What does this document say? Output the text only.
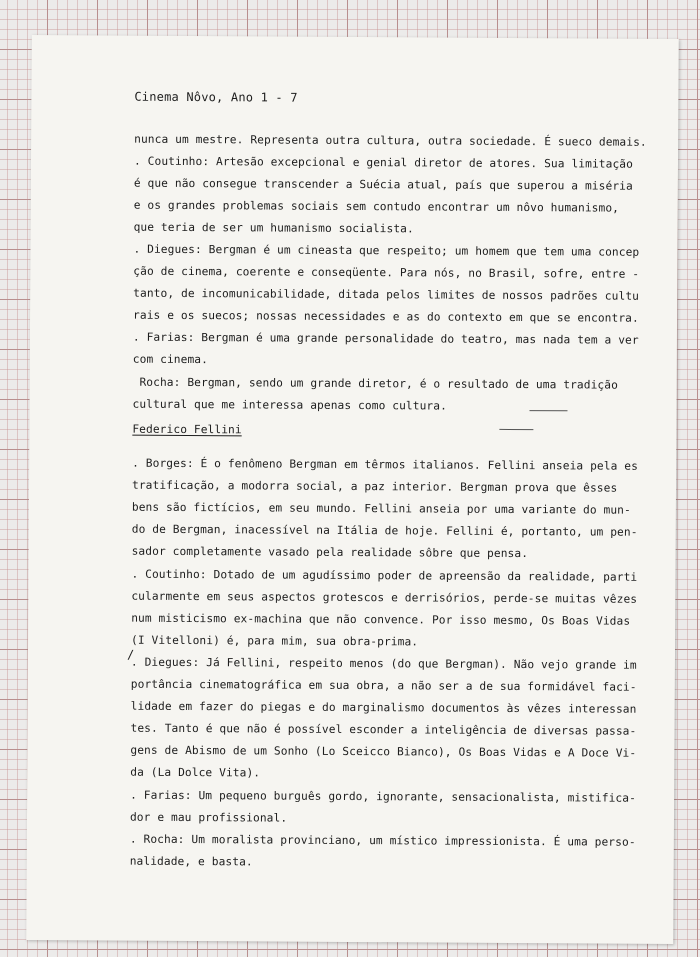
Cinema Nôvo, Ano 1 - 7
nunca um mestre. Representa outra cultura, outra sociedade. É sueco demais.
. Coutinho: Artesão excepcional e genial diretor de atores. Sua limitação
é que não consegue transcender a Suécia atual, país que superou a miséria
e os grandes problemas sociais sem contudo encontrar um nôvo humanismo,
que teria de ser um humanismo socialista.
. Diegues: Bergman é um cineasta que respeito; um homem que tem uma concep
ção de cinema, coerente e conseqüente. Para nós, no Brasil, sofre, entre -
tanto, de incomunicabilidade, ditada pelos limites de nossos padrões cultu
rais e os suecos; nossas necessidades e as do contexto em que se encontra.
. Farias: Bergman é uma grande personalidade do teatro, mas nada tem a ver
com cinema.
Rocha: Bergman, sendo um grande diretor, é o resultado de uma tradição
cultural que me interessa apenas como cultura.
Federico Fellini
. Borges: É o fenômeno Bergman em têrmos italianos. Fellini anseia pela es
tratificação, a modorra social, a paz interior. Bergman prova que êsses
bens são fictícios, em seu mundo. Fellini anseia por uma variante do mun-
do de Bergman, inacessível na Itália de hoje. Fellini é, portanto, um pen-
sador completamente vasado pela realidade sôbre que pensa.
. Coutinho: Dotado de um agudíssimo poder de apreensão da realidade, parti
cularmente em seus aspectos grotescos e derrisórios, perde-se muitas vêzes
num misticismo ex-machina que não convence. Por isso mesmo, Os Boas Vidas
(I Vitelloni) é, para mim, sua obra-prima.
/
. Diegues: Já Fellini, respeito menos (do que Bergman). Não vejo grande im
portância cinematográfica em sua obra, a não ser a de sua formidável faci-
lidade em fazer do piegas e do marginalismo documentos às vêzes interessan
tes. Tanto é que não é possível esconder a inteligência de diversas passa-
gens de Abismo de um Sonho (Lo Sceicco Bianco), Os Boas Vidas e A Doce Vi-
da (La Dolce Vita).
. Farias: Um pequeno burguês gordo, ignorante, sensacionalista, mistifica-
dor e mau profissional.
. Rocha: Um moralista provinciano, um místico impressionista. É uma perso-
nalidade, e basta.
